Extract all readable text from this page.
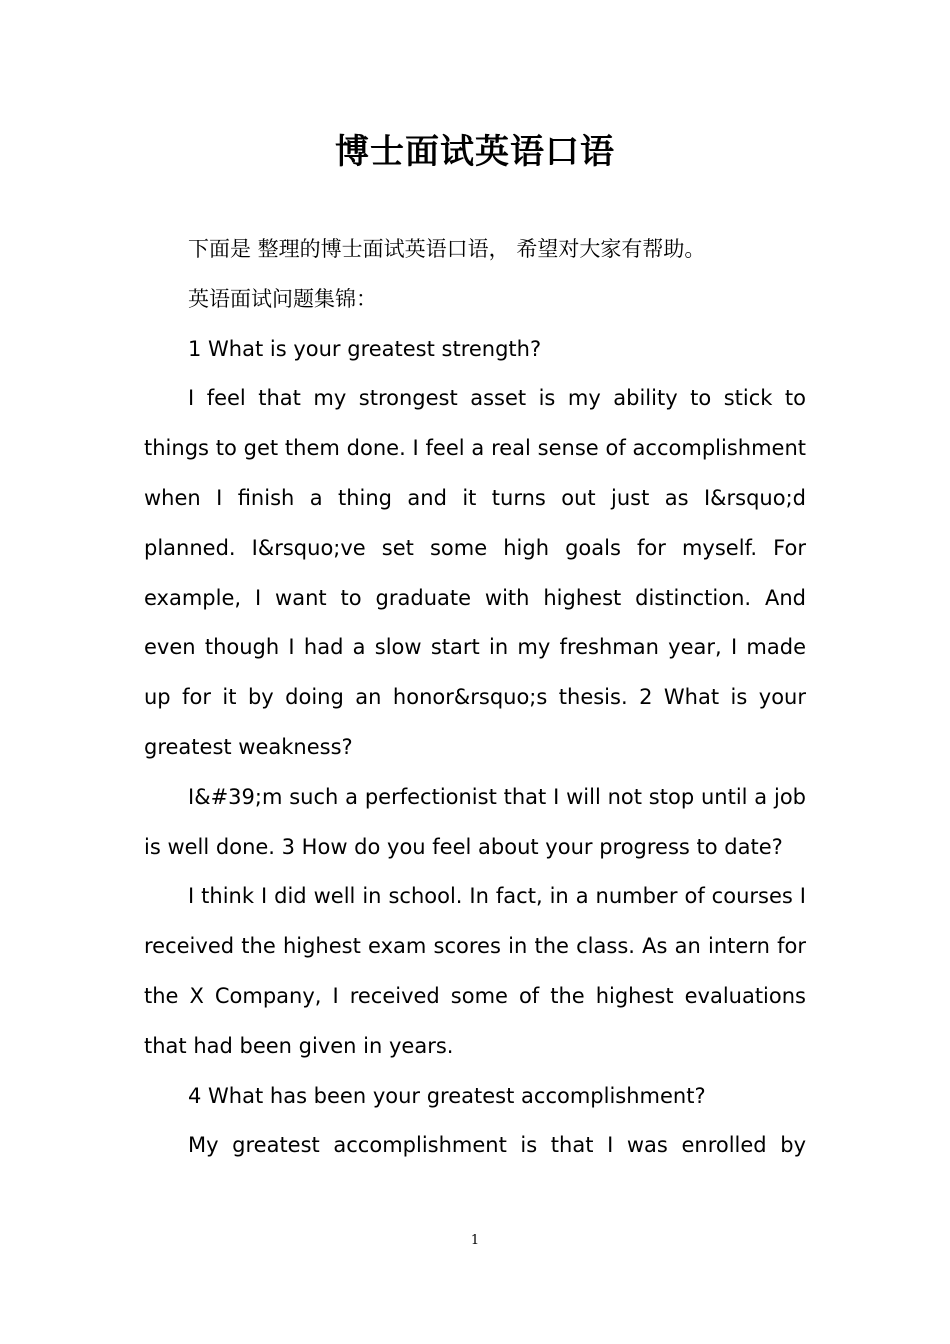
博士面试英语口语

下面是 整理的博士面试英语口语， 希望对大家有帮助。

英语面试问题集锦：

1 What is your greatest strength?

I feel that my strongest asset is my ability to stick to things to get them done. I feel a real sense of accomplishment when I finish a thing and it turns out just as I&rsquo;d planned. I&rsquo;ve set some high goals for myself. For example, I want to graduate with highest distinction. And even though I had a slow start in my freshman year, I made up for it by doing an honor&rsquo;s thesis. 2 What is your greatest weakness?

I&#39;m such a perfectionist that I will not stop until a job is well done. 3 How do you feel about your progress to date?

I think I did well in school. In fact, in a number of courses I received the highest exam scores in the class. As an intern for the X Company, I received some of the highest evaluations that had been given in years.

4 What has been your greatest accomplishment?

My greatest accomplishment is that I was enrolled by

1
